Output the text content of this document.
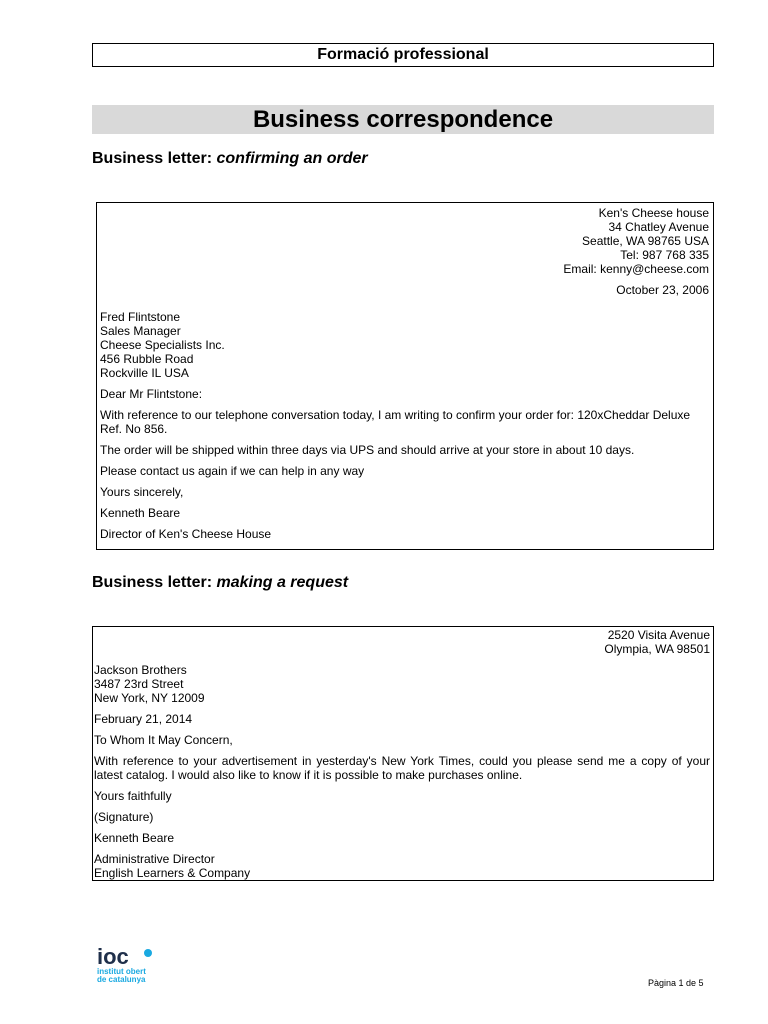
Formació professional
Business correspondence
Business letter: confirming an order
Ken's Cheese house
34 Chatley Avenue
Seattle, WA 98765 USA
Tel: 987 768 335
Email: kenny@cheese.com
October 23, 2006
Fred Flintstone
Sales Manager
Cheese Specialists Inc.
456 Rubble Road
Rockville IL USA
Dear Mr Flintstone:
With reference to our telephone conversation today, I am writing to confirm your order for: 120xCheddar Deluxe Ref. No 856.
The order will be shipped within three days via UPS and should arrive at your store in about 10 days.
Please contact us again if we can help in any way
Yours sincerely,
Kenneth Beare
Director of Ken's Cheese House
Business letter: making a request
2520 Visita Avenue
Olympia, WA 98501
Jackson Brothers
3487 23rd Street
New York, NY 12009
February 21, 2014
To Whom It May Concern,
With reference to your advertisement in yesterday's New York Times, could you please send me a copy of your latest catalog. I would also like to know if it is possible to make purchases online.
Yours faithfully
(Signature)
Kenneth Beare
Administrative Director
English Learners & Company
ioc
institut obert
de catalunya	Pàgina 1 de 5
